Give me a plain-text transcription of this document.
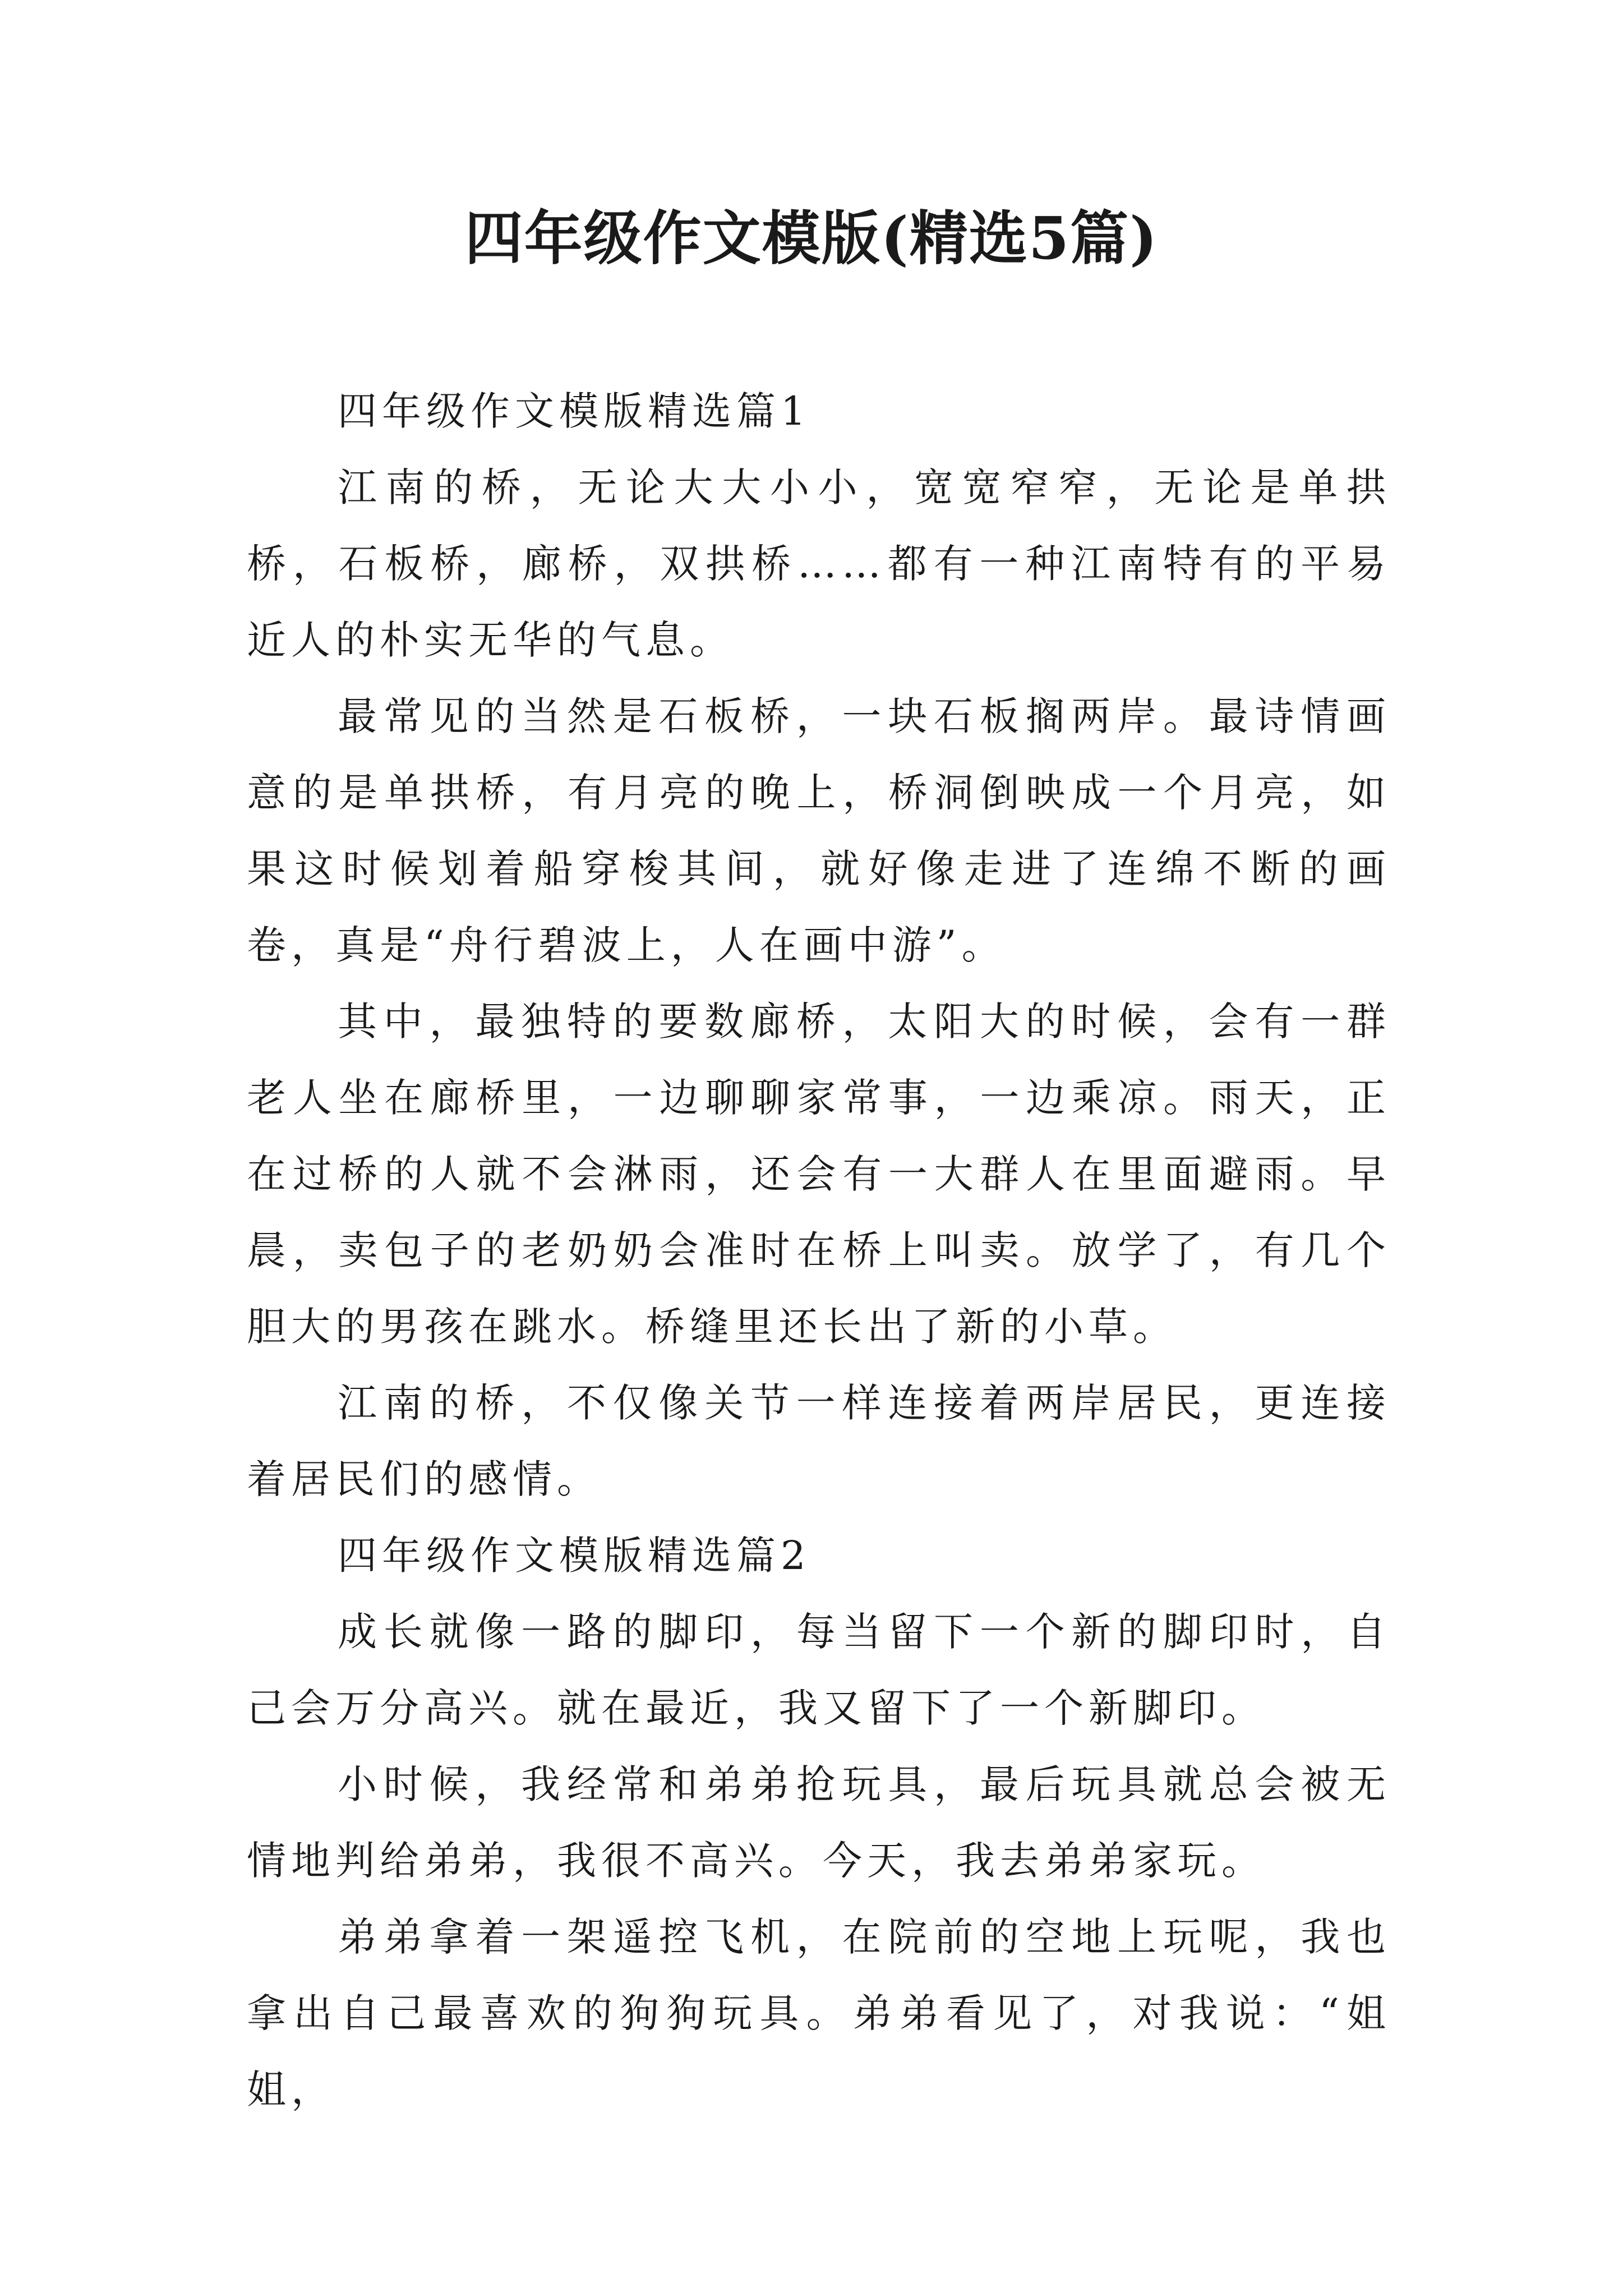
四年级作文模版(精选5篇)

四年级作文模版精选篇1

江南的桥，无论大大小小，宽宽窄窄，无论是单拱桥，石板桥，廊桥，双拱桥……都有一种江南特有的平易近人的朴实无华的气息。

最常见的当然是石板桥，一块石板搁两岸。最诗情画意的是单拱桥，有月亮的晚上，桥洞倒映成一个月亮，如果这时候划着船穿梭其间，就好像走进了连绵不断的画卷，真是“舟行碧波上，人在画中游”。

其中，最独特的要数廊桥，太阳大的时候，会有一群老人坐在廊桥里，一边聊聊家常事，一边乘凉。雨天，正在过桥的人就不会淋雨，还会有一大群人在里面避雨。早晨，卖包子的老奶奶会准时在桥上叫卖。放学了，有几个胆大的男孩在跳水。桥缝里还长出了新的小草。

江南的桥，不仅像关节一样连接着两岸居民，更连接着居民们的感情。

四年级作文模版精选篇2

成长就像一路的脚印，每当留下一个新的脚印时，自己会万分高兴。就在最近，我又留下了一个新脚印。

小时候，我经常和弟弟抢玩具，最后玩具就总会被无情地判给弟弟，我很不高兴。今天，我去弟弟家玩。

弟弟拿着一架遥控飞机，在院前的空地上玩呢，我也拿出自己最喜欢的狗狗玩具。弟弟看见了，对我说：“姐姐，
